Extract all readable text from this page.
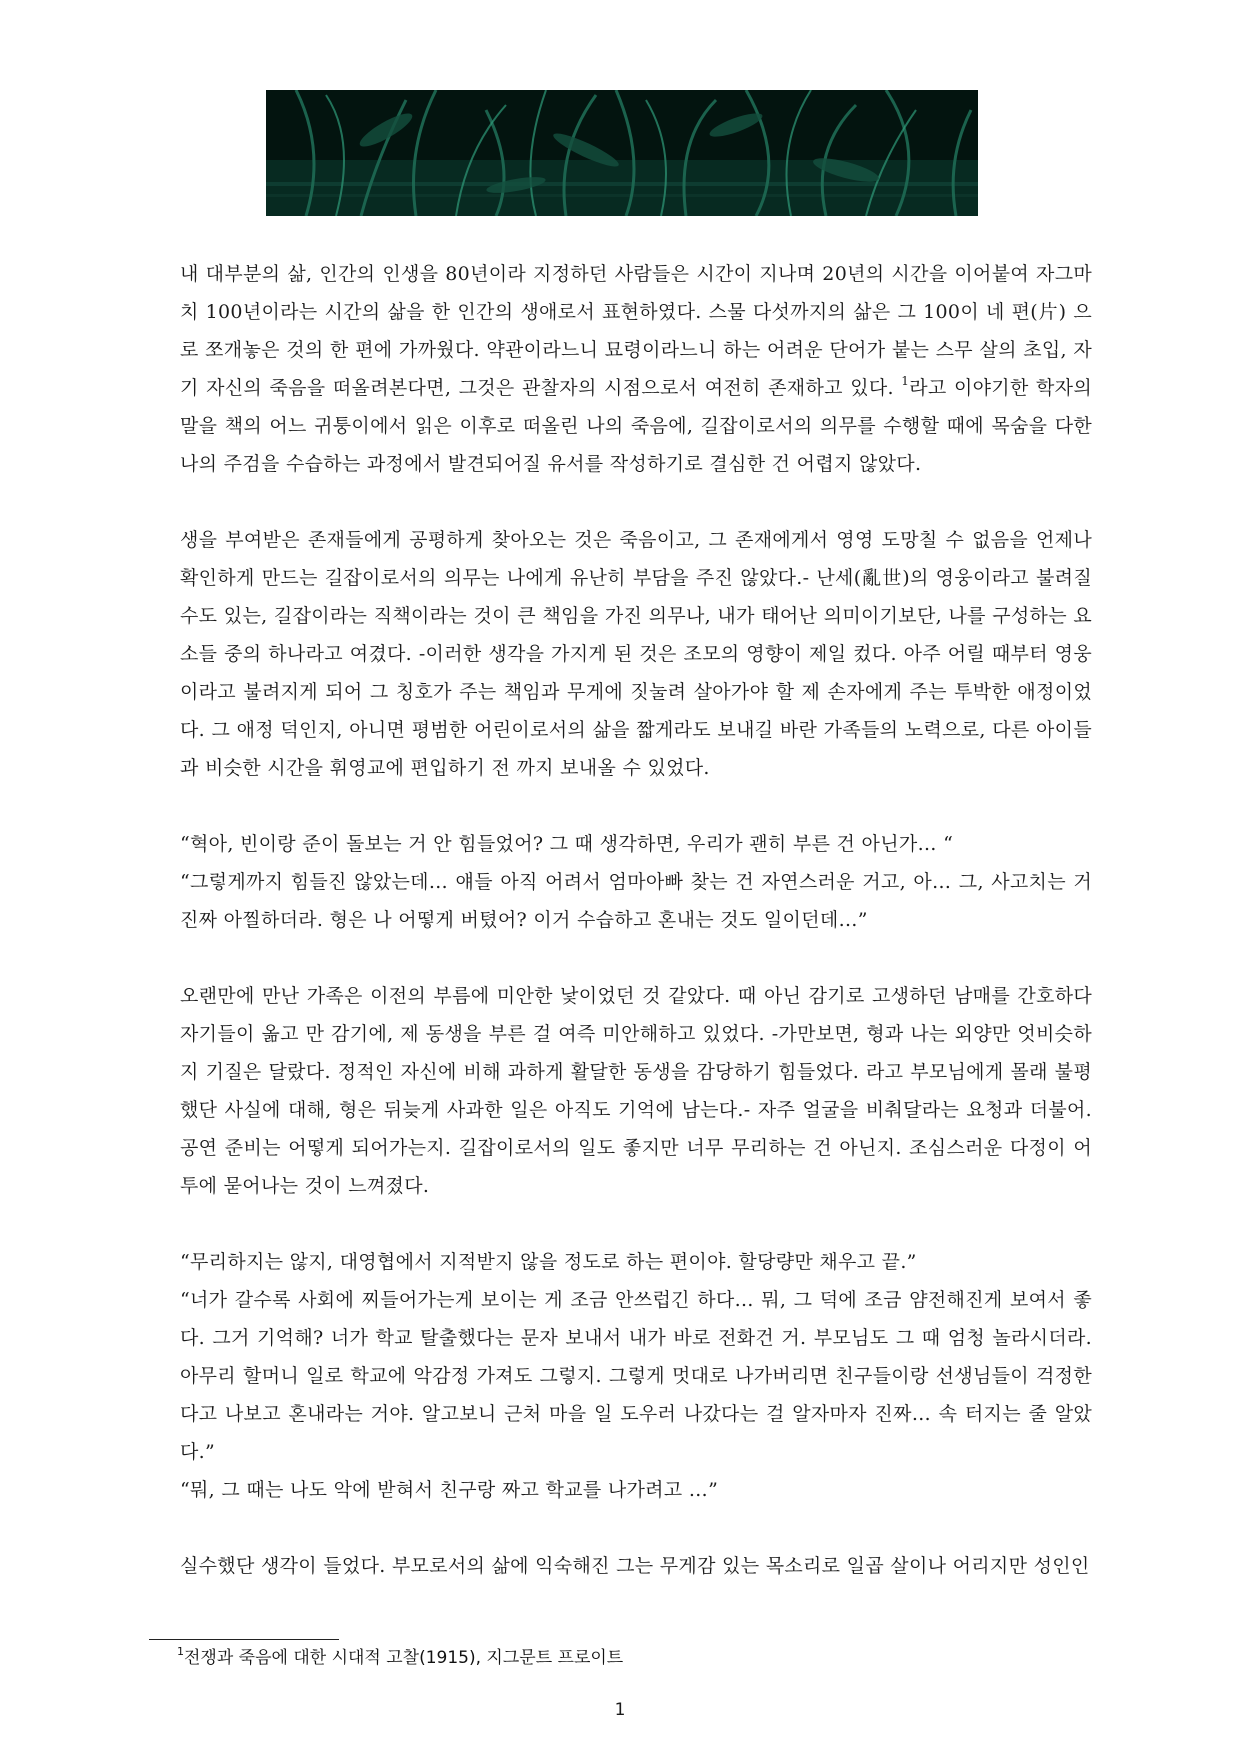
내 대부분의 삶, 인간의 인생을 80년이라 지정하던 사람들은 시간이 지나며 20년의 시간을 이어붙여 자그마치 100년이라는 시간의 삶을 한 인간의 생애로서 표현하였다. 스물 다섯까지의 삶은 그 100이 네 편(片) 으로 쪼개놓은 것의 한 편에 가까웠다. 약관이라느니 묘령이라느니 하는 어려운 단어가 붙는 스무 살의 초입, 자기 자신의 죽음을 떠올려본다면, 그것은 관찰자의 시점으로서 여전히 존재하고 있다. $^1$라고 이야기한 학자의 말을 책의 어느 귀퉁이에서 읽은 이후로 떠올린 나의 죽음에, 길잡이로서의 의무를 수행할 때에 목숨을 다한 나의 주검을 수습하는 과정에서 발견되어질 유서를 작성하기로 결심한 건 어렵지 않았다.

생을 부여받은 존재들에게 공평하게 찾아오는 것은 죽음이고, 그 존재에게서 영영 도망칠 수 없음을 언제나 확인하게 만드는 길잡이로서의 의무는 나에게 유난히 부담을 주진 않았다.- 난세(亂世)의 영웅이라고 불려질 수도 있는, 길잡이라는 직책이라는 것이 큰 책임을 가진 의무나, 내가 태어난 의미이기보단, 나를 구성하는 요소들 중의 하나라고 여겼다. -이러한 생각을 가지게 된 것은 조모의 영향이 제일 컸다. 아주 어릴 때부터 영웅이라고 불려지게 되어 그 칭호가 주는 책임과 무게에 짓눌려 살아가야 할 제 손자에게 주는 투박한 애정이었다. 그 애정 덕인지, 아니면 평범한 어린이로서의 삶을 짧게라도 보내길 바란 가족들의 노력으로, 다른 아이들과 비슷한 시간을 휘영교에 편입하기 전 까지 보내올 수 있었다.

“혁아, 빈이랑 준이 돌보는 거 안 힘들었어? 그 때 생각하면, 우리가 괜히 부른 건 아닌가… “

“그렇게까지 힘들진 않았는데… 얘들 아직 어려서 엄마아빠 찾는 건 자연스러운 거고, 아… 그, 사고치는 거 진짜 아찔하더라. 형은 나 어떻게 버텼어? 이거 수습하고 혼내는 것도 일이던데…”

오랜만에 만난 가족은 이전의 부름에 미안한 낯이었던 것 같았다. 때 아닌 감기로 고생하던 남매를 간호하다 자기들이 옮고 만 감기에, 제 동생을 부른 걸 여즉 미안해하고 있었다. -가만보면, 형과 나는 외양만 엇비슷하지 기질은 달랐다. 정적인 자신에 비해 과하게 활달한 동생을 감당하기 힘들었다. 라고 부모님에게 몰래 불평했단 사실에 대해, 형은 뒤늦게 사과한 일은 아직도 기억에 남는다.- 자주 얼굴을 비춰달라는 요청과 더불어. 공연 준비는 어떻게 되어가는지. 길잡이로서의 일도 좋지만 너무 무리하는 건 아닌지. 조심스러운 다정이 어투에 묻어나는 것이 느껴졌다.

“무리하지는 않지, 대영협에서 지적받지 않을 정도로 하는 편이야. 할당량만 채우고 끝.”

“너가 갈수록 사회에 찌들어가는게 보이는 게 조금 안쓰럽긴 하다… 뭐, 그 덕에 조금 얌전해진게 보여서 좋다. 그거 기억해? 너가 학교 탈출했다는 문자 보내서 내가 바로 전화건 거. 부모님도 그 때 엄청 놀라시더라. 아무리 할머니 일로 학교에 악감정 가져도 그렇지. 그렇게 멋대로 나가버리면 친구들이랑 선생님들이 걱정한다고 나보고 혼내라는 거야. 알고보니 근처 마을 일 도우러 나갔다는 걸 알자마자 진짜… 속 터지는 줄 알았다.”

“뭐, 그 때는 나도 악에 받혀서 친구랑 짜고 학교를 나가려고 …”

실수했단 생각이 들었다. 부모로서의 삶에 익숙해진 그는 무게감 있는 목소리로 일곱 살이나 어리지만 성인인

$^1$전쟁과 죽음에 대한 시대적 고찰(1915), 지그문트 프로이트
1
